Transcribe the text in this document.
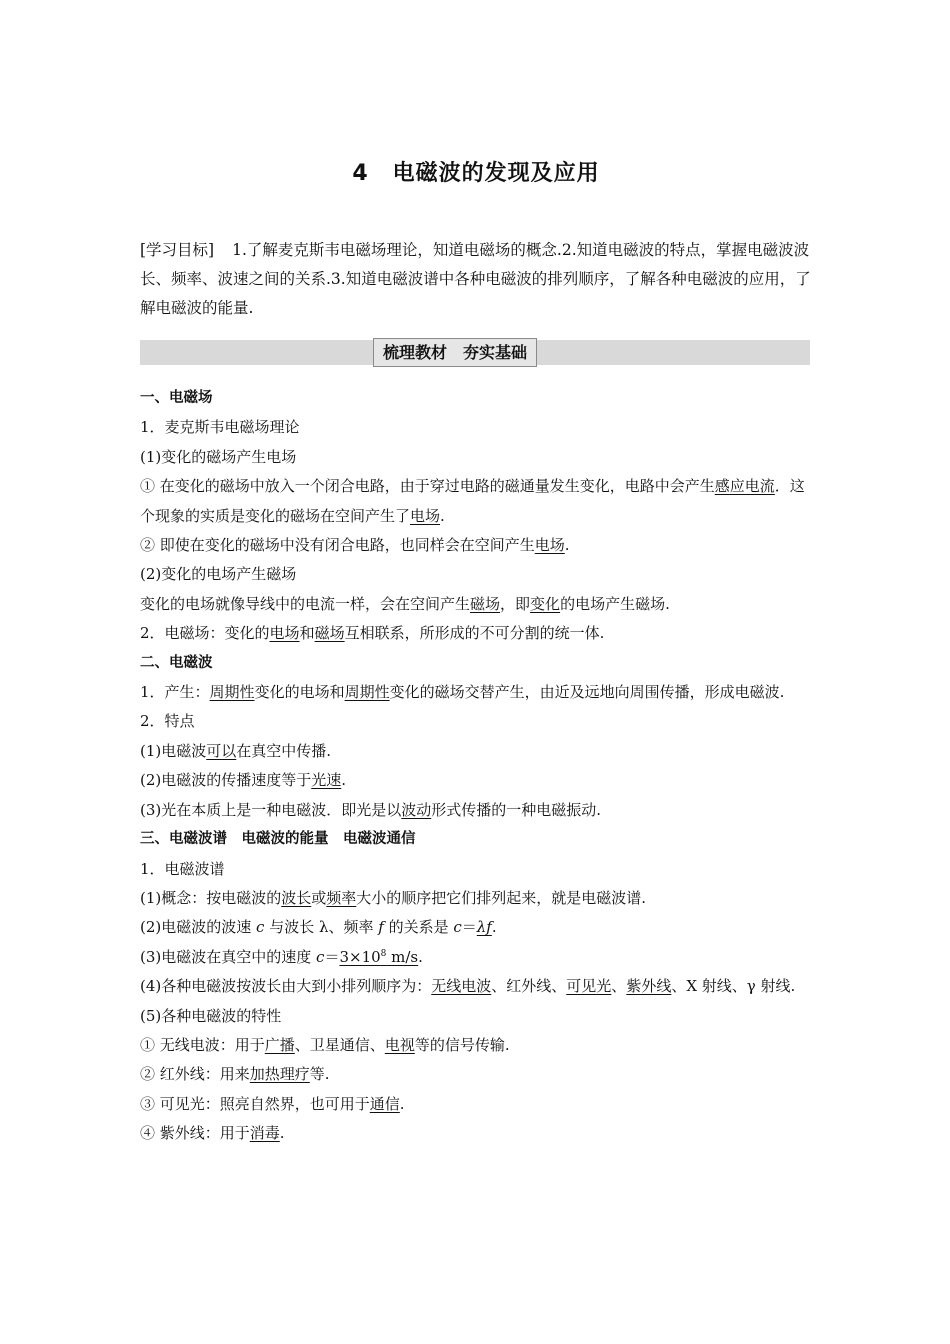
4 电磁波的发现及应用
[学习目标] 1.了解麦克斯韦电磁场理论，知道电磁场的概念.2.知道电磁波的特点，掌握电磁波波长、频率、波速之间的关系.3.知道电磁波谱中各种电磁波的排列顺序，了解各种电磁波的应用，了解电磁波的能量.
梳理教材 夯实基础

一、电磁场

1．麦克斯韦电磁场理论

(1)变化的磁场产生电场

① 在变化的磁场中放入一个闭合电路，由于穿过电路的磁通量发生变化，电路中会产生感应电流．这个现象的实质是变化的磁场在空间产生了电场.

② 即使在变化的磁场中没有闭合电路，也同样会在空间产生电场.

(2)变化的电场产生磁场

变化的电场就像导线中的电流一样，会在空间产生磁场，即变化的电场产生磁场.

2．电磁场：变化的电场和磁场互相联系，所形成的不可分割的统一体.

二、电磁波

1．产生：周期性变化的电场和周期性变化的磁场交替产生，由近及远地向周围传播，形成电磁波.

2．特点

(1)电磁波可以在真空中传播.

(2)电磁波的传播速度等于光速.

(3)光在本质上是一种电磁波．即光是以波动形式传播的一种电磁振动.

三、电磁波谱　电磁波的能量　电磁波通信

1．电磁波谱

(1)概念：按电磁波的波长或频率大小的顺序把它们排列起来，就是电磁波谱.

(2)电磁波的波速 c 与波长 λ、频率 f 的关系是 c＝λf.

(3)电磁波在真空中的速度 $c=3\times 10^8$ m/s.

(4)各种电磁波按波长由大到小排列顺序为：无线电波、红外线、可见光、紫外线、X 射线、γ 射线.

(5)各种电磁波的特性

① 无线电波：用于广播、卫星通信、电视等的信号传输.

② 红外线：用来加热理疗等.

③ 可见光：照亮自然界，也可用于通信.

④ 紫外线：用于消毒.
